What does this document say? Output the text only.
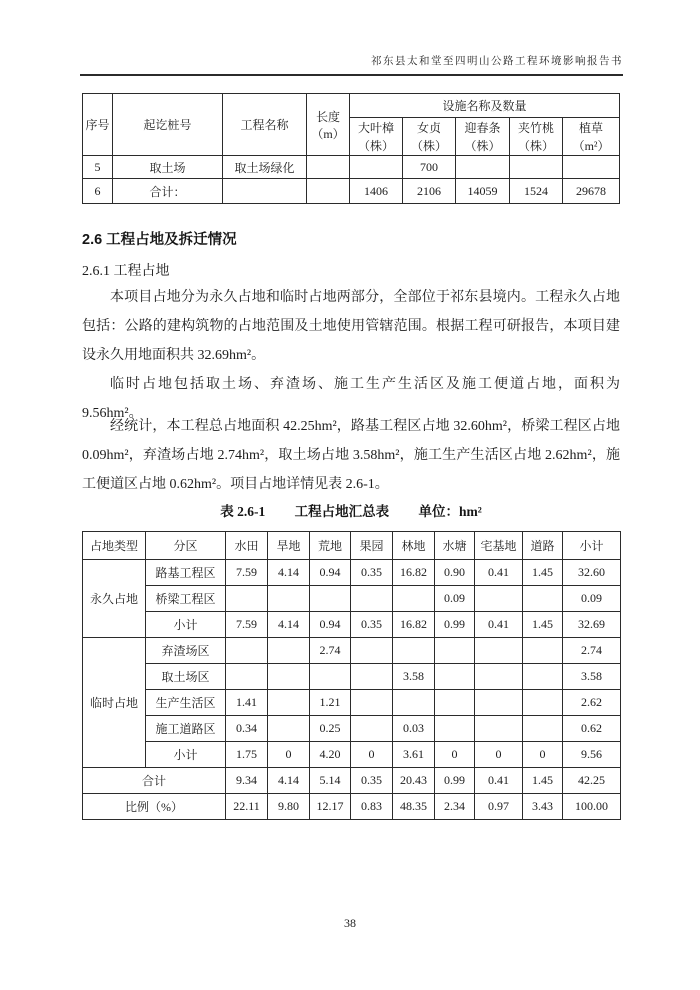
祁东县太和堂至四明山公路工程环境影响报告书
序号	起讫桩号	工程名称	长度（m）	设施名称及数量				
				大叶樟（株）	女贞（株）	迎春条（株）	夹竹桃（株）	植草（m²）
5	取土场	取土场绿化			700			
6	合计：			1406	2106	14059	1524	29678
2.6 工程占地及拆迁情况
2.6.1 工程占地

本项目占地分为永久占地和临时占地两部分，全部位于祁东县境内。工程永久占地包括：公路的建构筑物的占地范围及土地使用管辖范围。根据工程可研报告，本项目建设永久用地面积共 32.69hm²。

临时占地包括取土场、弃渣场、施工生产生活区及施工便道占地，面积为 9.56hm²。

经统计，本工程总占地面积 42.25hm²，路基工程区占地 32.60hm²，桥梁工程区占地 0.09hm²，弃渣场占地 2.74hm²，取土场占地 3.58hm²，施工生产生活区占地 2.62hm²，施工便道区占地 0.62hm²。项目占地详情见表 2.6-1。

表 2.6-1 工程占地汇总表 单位：hm²
占地类型	分区	水田	旱地	荒地	果园	林地	水塘	宅基地	道路	小计
永久占地	路基工程区	7.59	4.14	0.94	0.35	16.82	0.90	0.41	1.45	32.60
	桥梁工程区						0.09			0.09
	小计	7.59	4.14	0.94	0.35	16.82	0.99	0.41	1.45	32.69
临时占地	弃渣场区			2.74						2.74
	取土场区					3.58				3.58
	生产生活区	1.41		1.21						2.62
	施工道路区	0.34		0.25		0.03				0.62
	小计	1.75	0	4.20	0	3.61	0	0	0	9.56
合计		9.34	4.14	5.14	0.35	20.43	0.99	0.41	1.45	42.25
比例（%）		22.11	9.80	12.17	0.83	48.35	2.34	0.97	3.43	100.00
38
